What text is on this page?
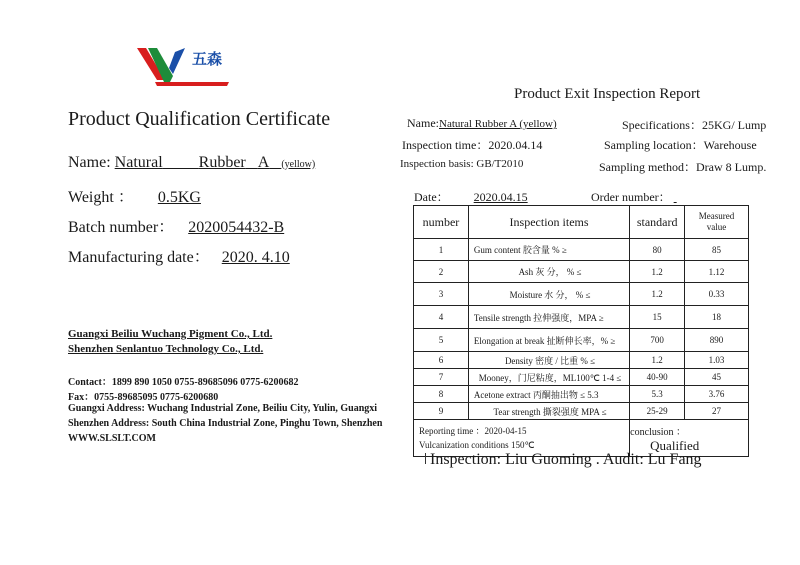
五森
Product Qualification Certificate
Name: Natural Rubber A (yellow)
Weight ： 0.5KG
Batch number： 2020054432-B
Manufacturing date： 2020. 4.10
Guangxi Beiliu Wuchang Pigment Co., Ltd.
Shenzhen Senlantuo Technology Co., Ltd.
Contact：1899 890 1050 0755-89685096 0775-6200682
Fax：0755-89685095 0775-6200680
Guangxi Address: Wuchang Industrial Zone, Beiliu City, Yulin, Guangxi
Shenzhen Address: South China Industrial Zone, Pinghu Town, Shenzhen
WWW.SLSLT.COM
Product Exit Inspection Report
Name:Natural Rubber A (yellow)	Specifications：25KG/ Lump
Inspection time：2020.04.14	Sampling location：Warehouse
Inspection basis: GB/T2010	Sampling method：Draw 8 Lump.
Date： 2020.04.15	Order number：
number	Inspection items	standard	Measured value
1	Gum content 胶含量 % ≥	80	85
2	Ash 灰 分， % ≤	1.2	1.12
3	Moisture 水 分， % ≤	1.2	0.33
4	Tensile strength 拉伸强度，MPA ≥	15	18
5	Elongation at break 扯断伸长率，% ≥	700	890
6	Density 密度 / 比重 % ≤	1.2	1.03
7	Mooney，门尼粘度，ML100℃ 1-4 ≤	40-90	45
8	Acetone extract 丙酮抽出物 ≤ 5.3	5.3	3.76
9	Tear strength 撕裂强度 MPA ≤	25-29	27

Reporting time ：2020-04-15
Vulcanization conditions 150℃		conclusion ： Qualified	
Inspection: Liu Guoming . Audit: Lu Fang
